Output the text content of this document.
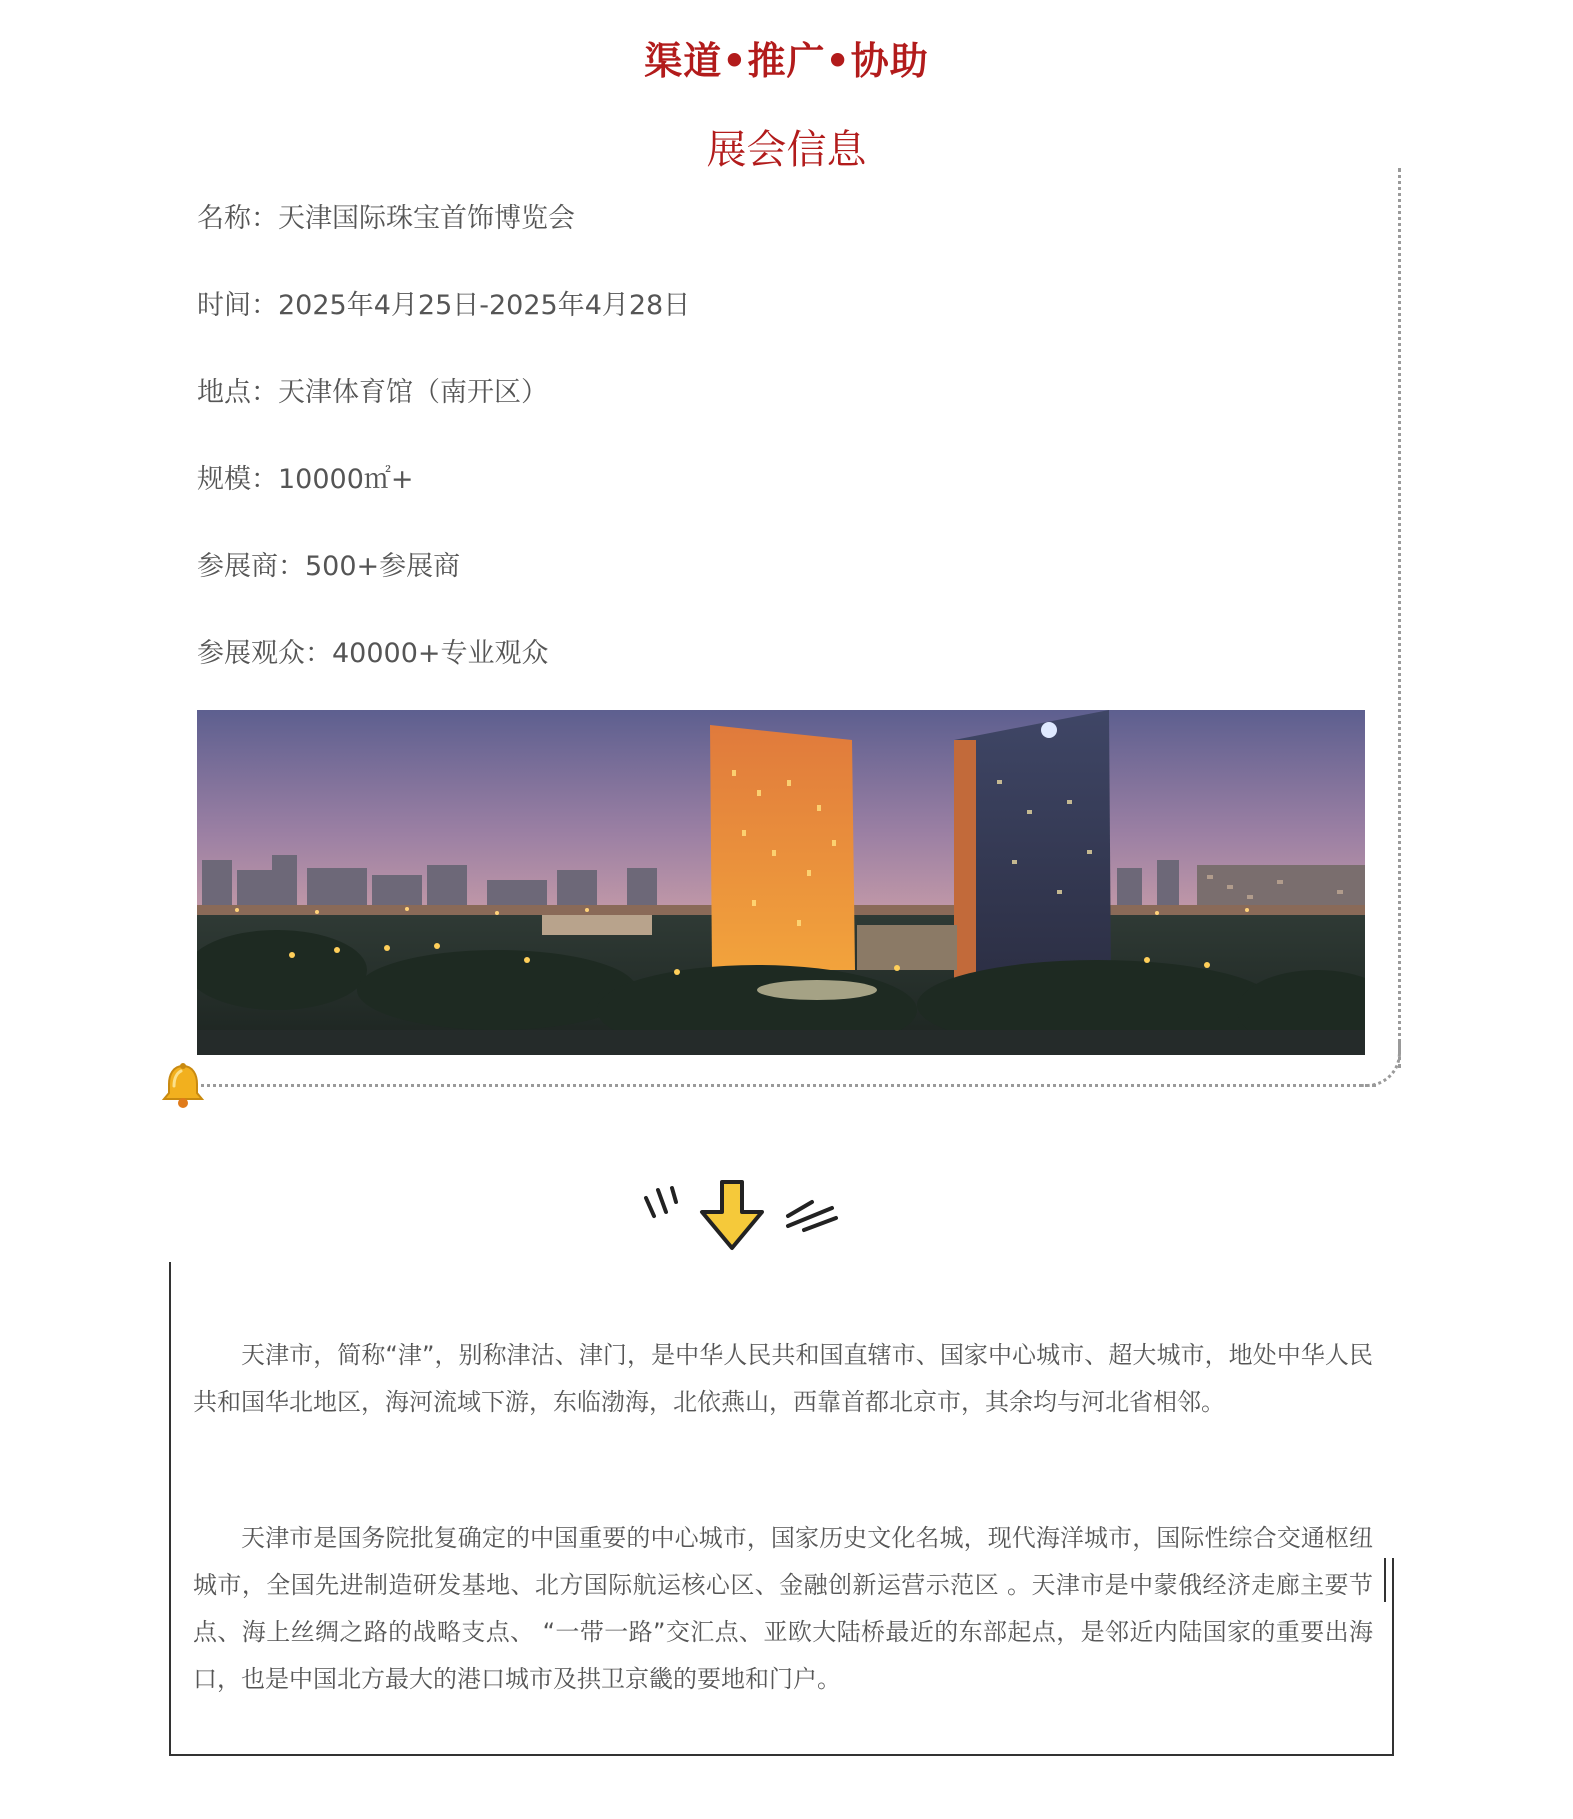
渠道•推广•协助
展会信息
名称：天津国际珠宝首饰博览会
时间：2025年4月25日-2025年4月28日
地点：天津体育馆（南开区）
规模：10000㎡+
参展商：500+参展商
参展观众：40000+专业观众
天津市，简称“津”，别称津沽、津门，是中华人民共和国直辖市、国家中心城市、超大城市，地处中华人民共和国华北地区，海河流域下游，东临渤海，北依燕山，西靠首都北京市，其余均与河北省相邻。
天津市是国务院批复确定的中国重要的中心城市，国家历史文化名城，现代海洋城市，国际性综合交通枢纽城市，全国先进制造研发基地、北方国际航运核心区、金融创新运营示范区 。天津市是中蒙俄经济走廊主要节点、海上丝绸之路的战略支点、 “一带一路”交汇点、亚欧大陆桥最近的东部起点，是邻近内陆国家的重要出海口，也是中国北方最大的港口城市及拱卫京畿的要地和门户。
